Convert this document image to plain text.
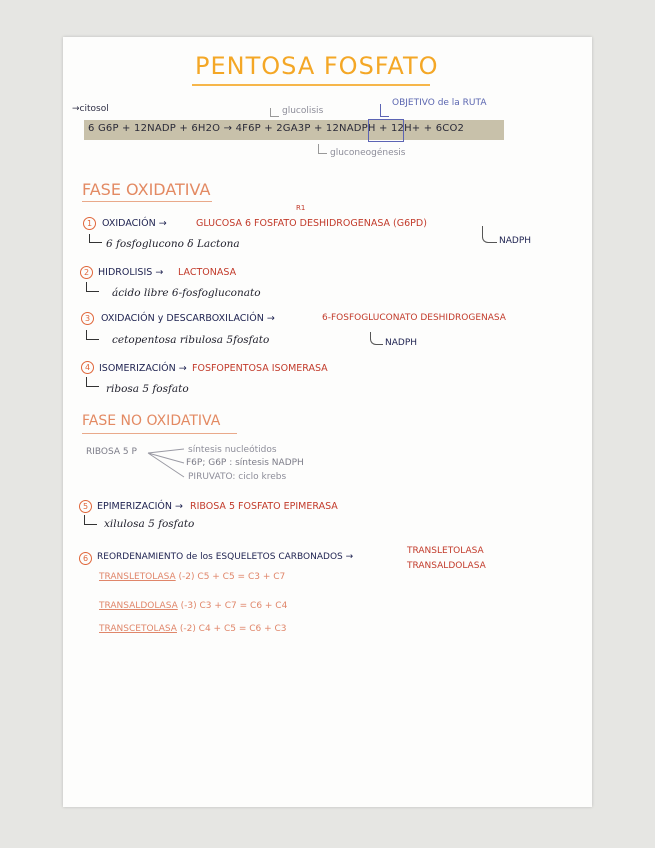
PENTOSA FOSFATO
→citosol	glucolisis
OBJETIVO de la RUTA
6 G6P + 12NADP + 6H2O → 4F6P + 2GA3P + 12NADPH + 12H+ + 6CO2
gluconeogénesis
FASE OXIDATIVA
R1
1	OXIDACIÓN →	GLUCOSA 6 FOSFATO DESHIDROGENASA (G6PD)
6 fosfoglucono δ Lactona	NADPH
2 HIDROLISIS → LACTONASA
ácido libre 6-fosfogluconato
3	OXIDACIÓN y DESCARBOXILACIÓN →	6-FOSFOGLUCONATO DESHIDROGENASA
cetopentosa ribulosa 5fosfato	NADPH
4 ISOMERIZACIÓN → FOSFOPENTOSA ISOMERASA
ribosa 5 fosfato
FASE NO OXIDATIVA
RIBOSA 5 P	síntesis nucleótidos
F6P; G6P : síntesis NADPH
PIRUVATO: ciclo krebs
5 EPIMERIZACIÓN → RIBOSA 5 FOSFATO EPIMERASA
xilulosa 5 fosfato
6 REORDENAMIENTO de los ESQUELETOS CARBONADOS →
TRANSLETOLASA
TRANSALDOLASA
TRANSLETOLASA (-2) C5 + C5 = C3 + C7
TRANSALDOLASA (-3) C3 + C7 = C6 + C4
TRANSCETOLASA (-2) C4 + C5 = C6 + C3
